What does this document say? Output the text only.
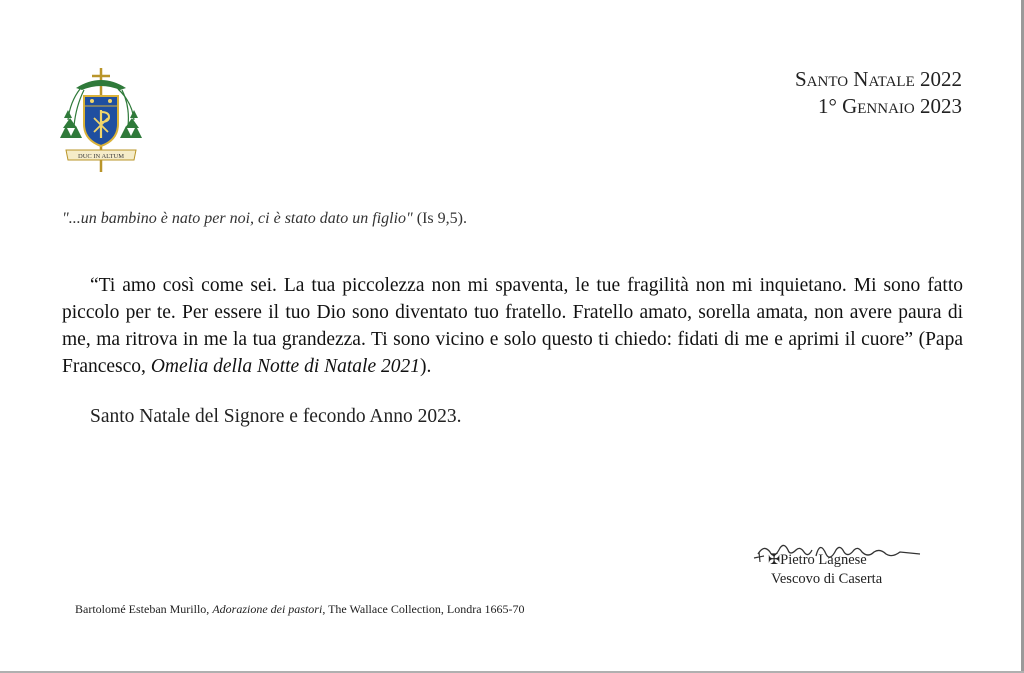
DUC IN ALTUM
Santo Natale 2022
1° Gennaio 2023
"...un bambino è nato per noi, ci è stato dato un figlio" (Is 9,5).
“Ti amo così come sei. La tua piccolezza non mi spaventa, le tue fragilità non mi inquietano. Mi sono fatto piccolo per te. Per essere il tuo Dio sono diventato tuo fratello. Fratello amato, sorella amata, non avere paura di me, ma ritrova in me la tua grandezza. Ti sono vicino e solo questo ti chiedo: fidati di me e aprimi il cuore” (Papa Francesco, Omelia della Notte di Natale 2021).
Santo Natale del Signore e fecondo Anno 2023.
✠Pietro Lagnese
Vescovo di Caserta
Bartolomé Esteban Murillo, Adorazione dei pastori, The Wallace Collection, Londra 1665-70
